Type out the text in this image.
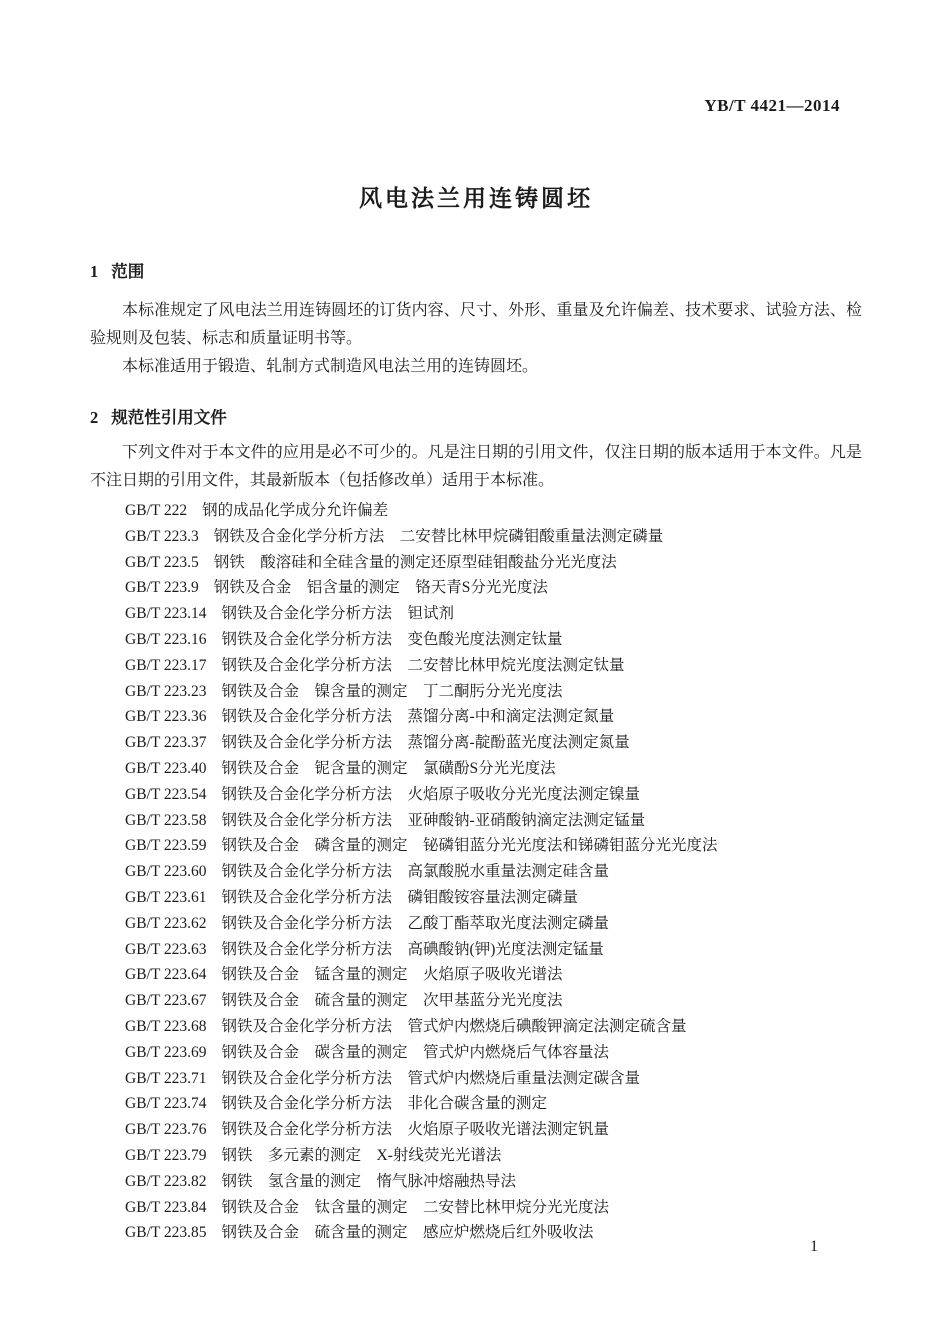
YB/T 4421—2014
风电法兰用连铸圆坯
1 范围

本标准规定了风电法兰用连铸圆坯的订货内容、尺寸、外形、重量及允许偏差、技术要求、试验方法、检验规则及包装、标志和质量证明书等。

本标准适用于锻造、轧制方式制造风电法兰用的连铸圆坯。

2 规范性引用文件

下列文件对于本文件的应用是必不可少的。凡是注日期的引用文件，仅注日期的版本适用于本文件。凡是不注日期的引用文件，其最新版本（包括修改单）适用于本标准。

GB/T 222 钢的成品化学成分允许偏差
GB/T 223.3 钢铁及合金化学分析方法　二安替比林甲烷磷钼酸重量法测定磷量
GB/T 223.5 钢铁　酸溶硅和全硅含量的测定还原型硅钼酸盐分光光度法
GB/T 223.9 钢铁及合金　铝含量的测定　铬天青S分光光度法
GB/T 223.14 钢铁及合金化学分析方法　钽试剂
GB/T 223.16 钢铁及合金化学分析方法　变色酸光度法测定钛量
GB/T 223.17 钢铁及合金化学分析方法　二安替比林甲烷光度法测定钛量
GB/T 223.23 钢铁及合金　镍含量的测定　丁二酮肟分光光度法
GB/T 223.36 钢铁及合金化学分析方法　蒸馏分离-中和滴定法测定氮量
GB/T 223.37 钢铁及合金化学分析方法　蒸馏分离-靛酚蓝光度法测定氮量
GB/T 223.40 钢铁及合金　铌含量的测定　氯磺酚S分光光度法
GB/T 223.54 钢铁及合金化学分析方法　火焰原子吸收分光光度法测定镍量
GB/T 223.58 钢铁及合金化学分析方法　亚砷酸钠-亚硝酸钠滴定法测定锰量
GB/T 223.59 钢铁及合金　磷含量的测定　铋磷钼蓝分光光度法和锑磷钼蓝分光光度法
GB/T 223.60 钢铁及合金化学分析方法　高氯酸脱水重量法测定硅含量
GB/T 223.61 钢铁及合金化学分析方法　磷钼酸铵容量法测定磷量
GB/T 223.62 钢铁及合金化学分析方法　乙酸丁酯萃取光度法测定磷量
GB/T 223.63 钢铁及合金化学分析方法　高碘酸钠(钾)光度法测定锰量
GB/T 223.64 钢铁及合金　锰含量的测定　火焰原子吸收光谱法
GB/T 223.67 钢铁及合金　硫含量的测定　次甲基蓝分光光度法
GB/T 223.68 钢铁及合金化学分析方法　管式炉内燃烧后碘酸钾滴定法测定硫含量
GB/T 223.69 钢铁及合金　碳含量的测定　管式炉内燃烧后气体容量法
GB/T 223.71 钢铁及合金化学分析方法　管式炉内燃烧后重量法测定碳含量
GB/T 223.74 钢铁及合金化学分析方法　非化合碳含量的测定
GB/T 223.76 钢铁及合金化学分析方法　火焰原子吸收光谱法测定钒量
GB/T 223.79 钢铁　多元素的测定　X-射线荧光光谱法
GB/T 223.82 钢铁　氢含量的测定　惰气脉冲熔融热导法
GB/T 223.84 钢铁及合金　钛含量的测定　二安替比林甲烷分光光度法
GB/T 223.85 钢铁及合金　硫含量的测定　感应炉燃烧后红外吸收法
1
